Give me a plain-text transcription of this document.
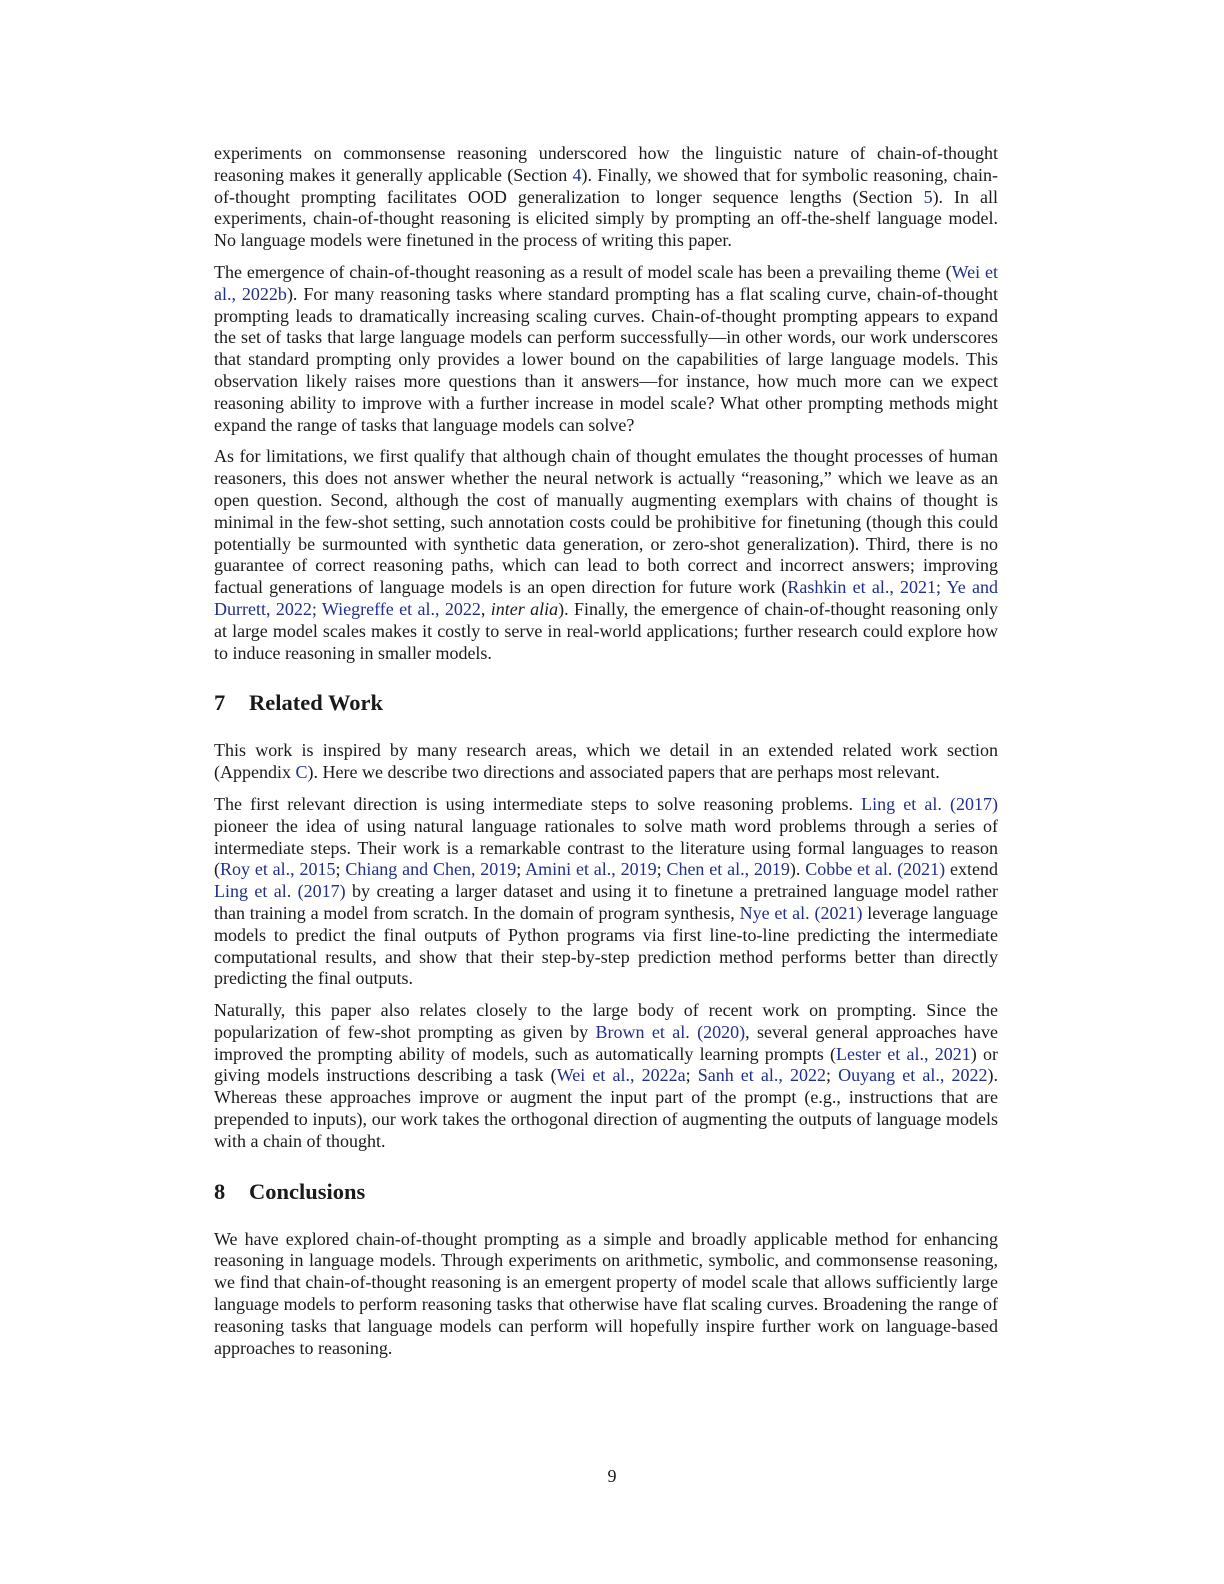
experiments on commonsense reasoning underscored how the linguistic nature of chain-of-thought reasoning makes it generally applicable (Section 4). Finally, we showed that for symbolic reasoning, chain-of-thought prompting facilitates OOD generalization to longer sequence lengths (Section 5). In all experiments, chain-of-thought reasoning is elicited simply by prompting an off-the-shelf language model. No language models were finetuned in the process of writing this paper.

The emergence of chain-of-thought reasoning as a result of model scale has been a prevailing theme (Wei et al., 2022b). For many reasoning tasks where standard prompting has a flat scaling curve, chain-of-thought prompting leads to dramatically increasing scaling curves. Chain-of-thought prompting appears to expand the set of tasks that large language models can perform successfully—in other words, our work underscores that standard prompting only provides a lower bound on the capabilities of large language models. This observation likely raises more questions than it answers—for instance, how much more can we expect reasoning ability to improve with a further increase in model scale? What other prompting methods might expand the range of tasks that language models can solve?

As for limitations, we first qualify that although chain of thought emulates the thought processes of human reasoners, this does not answer whether the neural network is actually “reasoning,” which we leave as an open question. Second, although the cost of manually augmenting exemplars with chains of thought is minimal in the few-shot setting, such annotation costs could be prohibitive for finetuning (though this could potentially be surmounted with synthetic data generation, or zero-shot generalization). Third, there is no guarantee of correct reasoning paths, which can lead to both correct and incorrect answers; improving factual generations of language models is an open direction for future work (Rashkin et al., 2021; Ye and Durrett, 2022; Wiegreffe et al., 2022, inter alia). Finally, the emergence of chain-of-thought reasoning only at large model scales makes it costly to serve in real-world applications; further research could explore how to induce reasoning in smaller models.

7 Related Work

This work is inspired by many research areas, which we detail in an extended related work section (Appendix C). Here we describe two directions and associated papers that are perhaps most relevant.

The first relevant direction is using intermediate steps to solve reasoning problems. Ling et al. (2017) pioneer the idea of using natural language rationales to solve math word problems through a series of intermediate steps. Their work is a remarkable contrast to the literature using formal languages to reason (Roy et al., 2015; Chiang and Chen, 2019; Amini et al., 2019; Chen et al., 2019). Cobbe et al. (2021) extend Ling et al. (2017) by creating a larger dataset and using it to finetune a pretrained language model rather than training a model from scratch. In the domain of program synthesis, Nye et al. (2021) leverage language models to predict the final outputs of Python programs via first line-to-line predicting the intermediate computational results, and show that their step-by-step prediction method performs better than directly predicting the final outputs.

Naturally, this paper also relates closely to the large body of recent work on prompting. Since the popularization of few-shot prompting as given by Brown et al. (2020), several general approaches have improved the prompting ability of models, such as automatically learning prompts (Lester et al., 2021) or giving models instructions describing a task (Wei et al., 2022a; Sanh et al., 2022; Ouyang et al., 2022). Whereas these approaches improve or augment the input part of the prompt (e.g., instructions that are prepended to inputs), our work takes the orthogonal direction of augmenting the outputs of language models with a chain of thought.

8 Conclusions

We have explored chain-of-thought prompting as a simple and broadly applicable method for enhancing reasoning in language models. Through experiments on arithmetic, symbolic, and commonsense reasoning, we find that chain-of-thought reasoning is an emergent property of model scale that allows sufficiently large language models to perform reasoning tasks that otherwise have flat scaling curves. Broadening the range of reasoning tasks that language models can perform will hopefully inspire further work on language-based approaches to reasoning.

9
